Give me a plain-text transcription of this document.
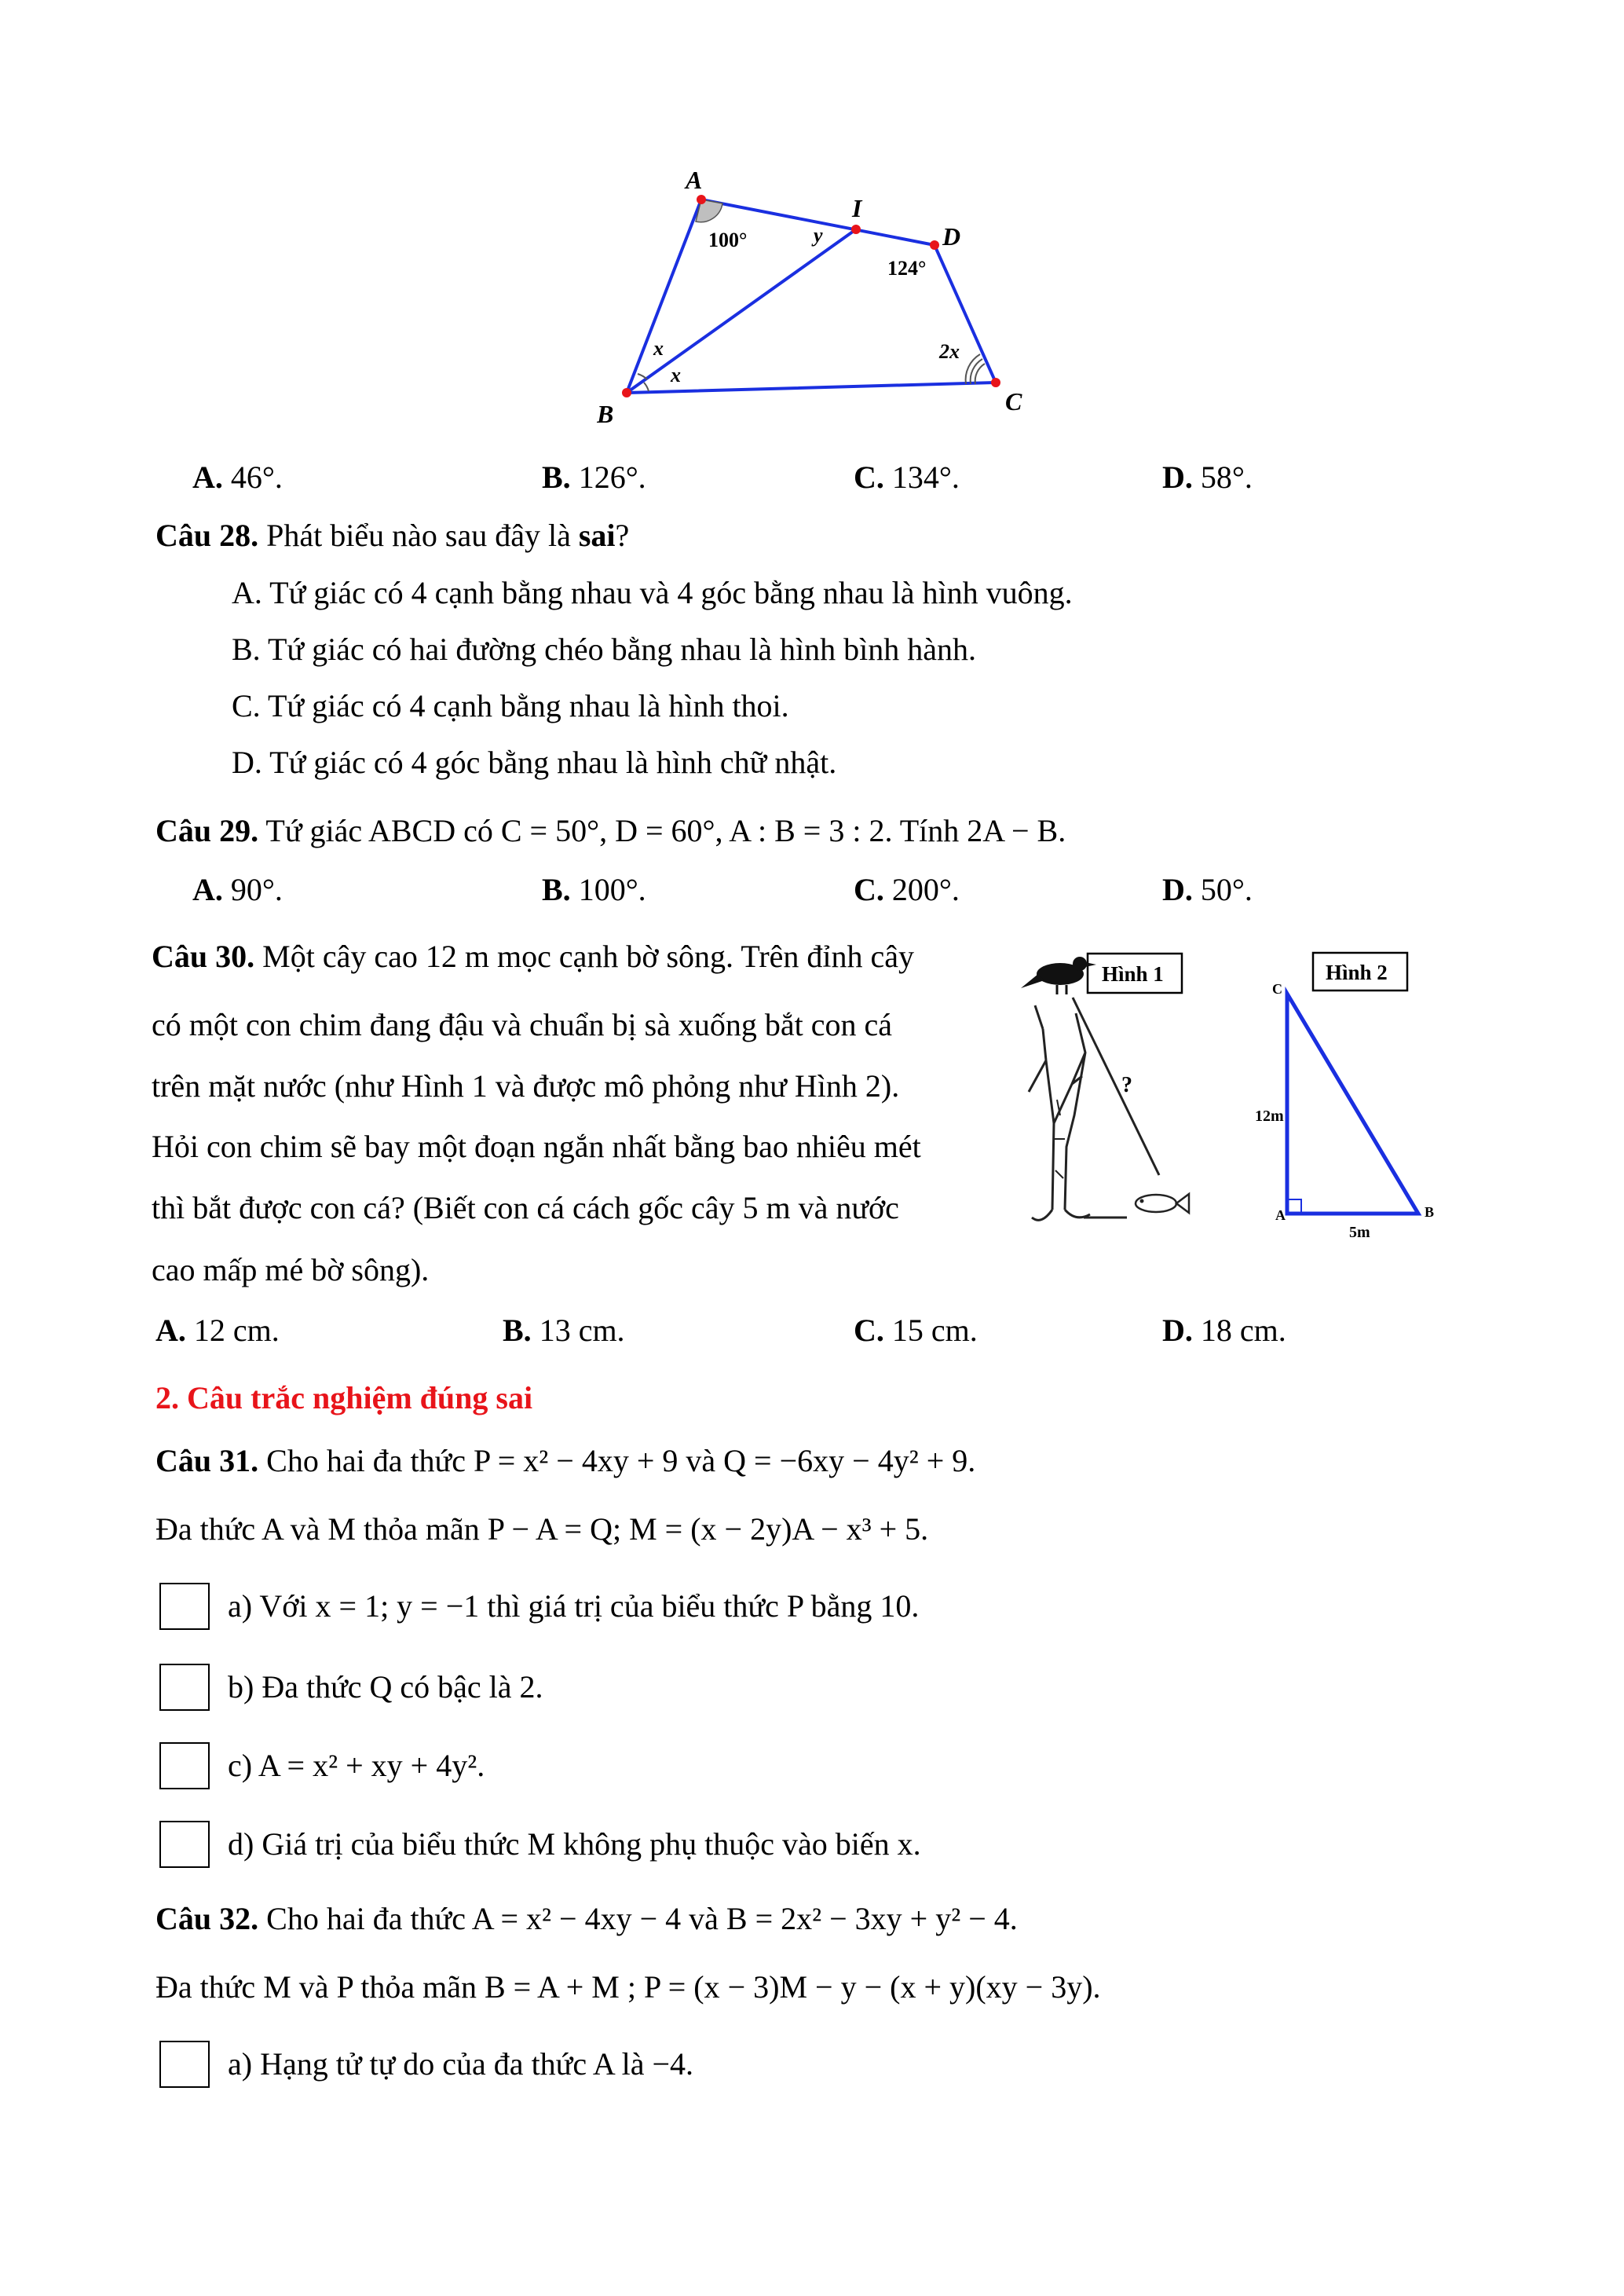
A
I
D
B	C
100°	y
124°
x
x
2x
A. 46°.	B. 126°.	C. 134°.	D. 58°.
Câu 28. Phát biểu nào sau đây là sai?
A. Tứ giác có 4 cạnh bằng nhau và 4 góc bằng nhau là hình vuông.
B. Tứ giác có hai đường chéo bằng nhau là hình bình hành.
C. Tứ giác có 4 cạnh bằng nhau là hình thoi.
D. Tứ giác có 4 góc bằng nhau là hình chữ nhật.
Câu 29. Tứ giác ABCD có C = 50°, D = 60°, A : B = 3 : 2. Tính 2A − B.
A. 90°.	B. 100°.	C. 200°.	D. 50°.
Câu 30. Một cây cao 12 m mọc cạnh bờ sông. Trên đỉnh cây
có một con chim đang đậu và chuẩn bị sà xuống bắt con cá
trên mặt nước (như Hình 1 và được mô phỏng như Hình 2).
Hỏi con chim sẽ bay một đoạn ngắn nhất bằng bao nhiêu mét
thì bắt được con cá? (Biết con cá cách gốc cây 5 m và nước
cao mấp mé bờ sông).
Hình 1
?
Hình 2
C
A	B
12m
5m
A. 12 cm.	B. 13 cm.	C. 15 cm.	D. 18 cm.
2. Câu trắc nghiệm đúng sai
Câu 31. Cho hai đa thức P = x² − 4xy + 9 và Q = −6xy − 4y² + 9.
Đa thức A và M thỏa mãn P − A = Q; M = (x − 2y)A − x³ + 5.
a) Với x = 1; y = −1 thì giá trị của biểu thức P bằng 10.
b) Đa thức Q có bậc là 2.
c) A = x² + xy + 4y².
d) Giá trị của biểu thức M không phụ thuộc vào biến x.
Câu 32. Cho hai đa thức A = x² − 4xy − 4 và B = 2x² − 3xy + y² − 4.
Đa thức M và P thỏa mãn B = A + M ; P = (x − 3)M − y − (x + y)(xy − 3y).
a) Hạng tử tự do của đa thức A là −4.
